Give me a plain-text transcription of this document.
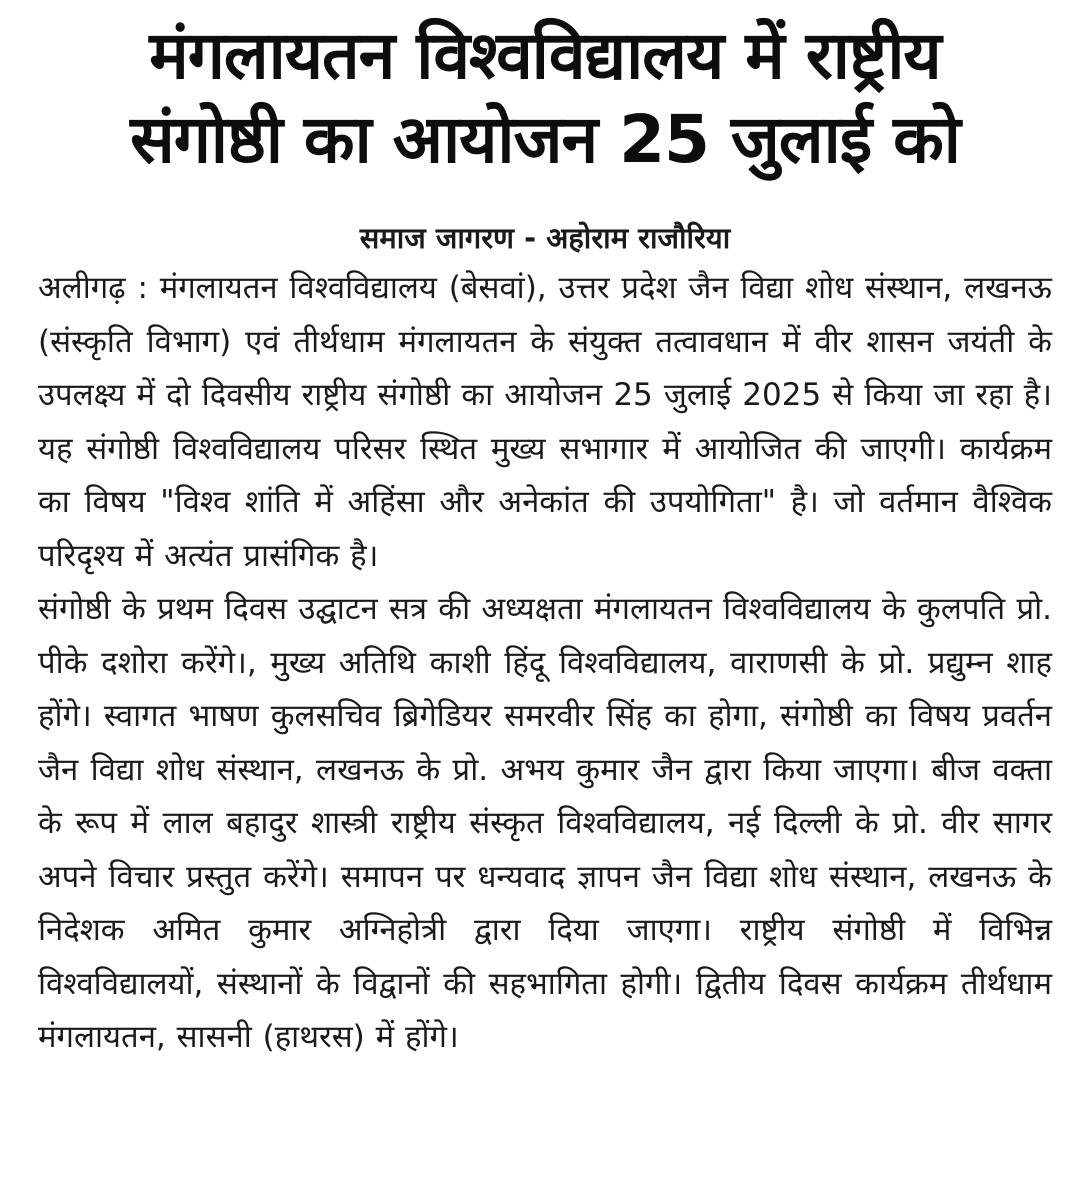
मंगलायतन विश्वविद्यालय में राष्ट्रीय
संगोष्ठी का आयोजन 25 जुलाई को
समाज जागरण - अहोराम राजौरिया

अलीगढ़ : मंगलायतन विश्वविद्यालय (बेसवां), उत्तर प्रदेश जैन विद्या शोध संस्थान, लखनऊ (संस्कृति विभाग) एवं तीर्थधाम मंगलायतन के संयुक्त तत्वावधान में वीर शासन जयंती के उपलक्ष्य में दो दिवसीय राष्ट्रीय संगोष्ठी का आयोजन 25 जुलाई 2025 से किया जा रहा है। यह संगोष्ठी विश्वविद्यालय परिसर स्थित मुख्य सभागार में आयोजित की जाएगी। कार्यक्रम का विषय "विश्व शांति में अहिंसा और अनेकांत की उपयोगिता" है। जो वर्तमान वैश्विक परिदृश्य में अत्यंत प्रासंगिक है।

संगोष्ठी के प्रथम दिवस उद्घाटन सत्र की अध्यक्षता मंगलायतन विश्वविद्यालय के कुलपति प्रो. पीके दशोरा करेंगे।, मुख्य अतिथि काशी हिंदू विश्वविद्यालय, वाराणसी के प्रो. प्रद्युम्न शाह होंगे। स्वागत भाषण कुलसचिव ब्रिगेडियर समरवीर सिंह का होगा, संगोष्ठी का विषय प्रवर्तन जैन विद्या शोध संस्थान, लखनऊ के प्रो. अभय कुमार जैन द्वारा किया जाएगा। बीज वक्ता के रूप में लाल बहादुर शास्त्री राष्ट्रीय संस्कृत विश्वविद्यालय, नई दिल्ली के प्रो. वीर सागर अपने विचार प्रस्तुत करेंगे। समापन पर धन्यवाद ज्ञापन जैन विद्या शोध संस्थान, लखनऊ के निदेशक अमित कुमार अग्निहोत्री द्वारा दिया जाएगा। राष्ट्रीय संगोष्ठी में विभिन्न विश्वविद्यालयों, संस्थानों के विद्वानों की सहभागिता होगी। द्वितीय दिवस कार्यक्रम तीर्थधाम मंगलायतन, सासनी (हाथरस) में होंगे।
